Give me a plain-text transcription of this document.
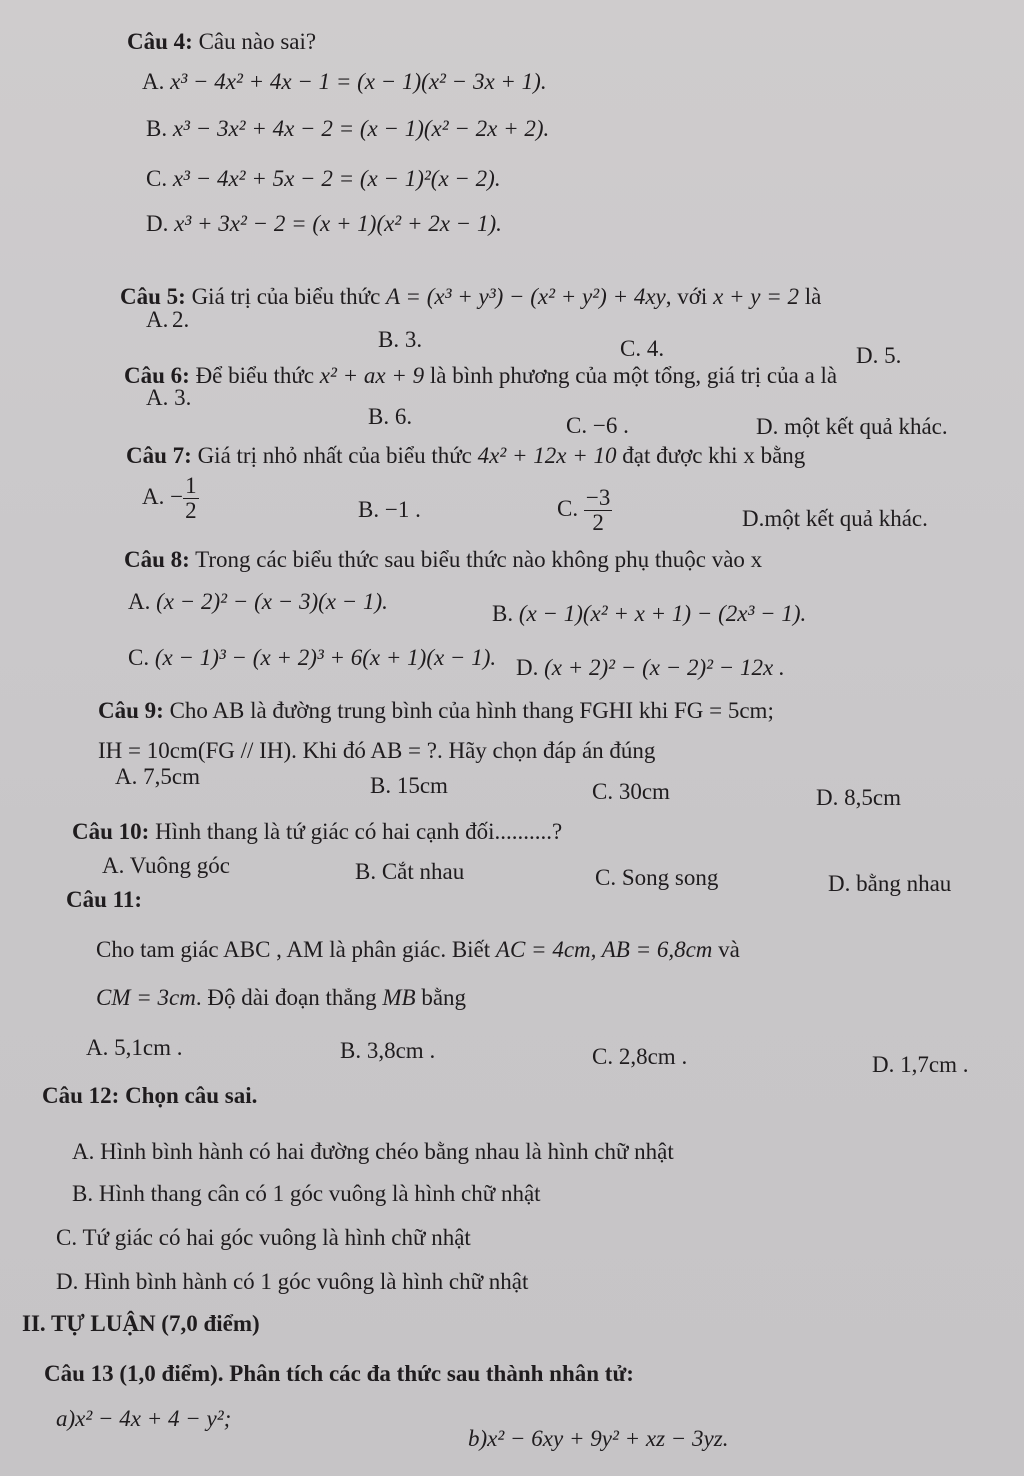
Câu 4: Câu nào sai?
A. x³ − 4x² + 4x − 1 = (x − 1)(x² − 3x + 1).
B. x³ − 3x² + 4x − 2 = (x − 1)(x² − 2x + 2).
C. x³ − 4x² + 5x − 2 = (x − 1)²(x − 2).
D. x³ + 3x² − 2 = (x + 1)(x² + 2x − 1).
Câu 5: Giá trị của biểu thức A = (x³ + y³) − (x² + y²) + 4xy, với x + y = 2 là
A. 2.
B. 3.	C. 4.	D. 5.
Câu 6: Để biểu thức x² + ax + 9 là bình phương của một tổng, giá trị của a là
A. 3.
B. 6.	C. −6 .	D. một kết quả khác.
Câu 7: Giá trị nhỏ nhất của biểu thức 4x² + 12x + 10 đạt được khi x bằng
A. − $\frac{1}{2}$	B. −1 .	C. $\frac{-3}{2}$	D.một kết quả khác.
Câu 8: Trong các biểu thức sau biểu thức nào không phụ thuộc vào x
A. (x − 2)² − (x − 3)(x − 1).	B. (x − 1)(x² + x + 1) − (2x³ − 1).
C. (x − 1)³ − (x + 2)³ + 6(x + 1)(x − 1). D. (x + 2)² − (x − 2)² − 12x .
Câu 9: Cho AB là đường trung bình của hình thang FGHI khi FG = 5cm;
IH = 10cm(FG // IH). Khi đó AB = ?. Hãy chọn đáp án đúng
A. 7,5cm	B. 15cm	C. 30cm	D. 8,5cm
Câu 10: Hình thang là tứ giác có hai cạnh đối..........?
A. Vuông góc	B. Cắt nhau	C. Song song	D. bằng nhau
Câu 11:
Cho tam giác ABC , AM là phân giác. Biết AC = 4cm, AB = 6,8cm và
CM = 3cm. Độ dài đoạn thẳng MB bằng
A. 5,1cm .	B. 3,8cm .	C. 2,8cm .	D. 1,7cm .
Câu 12: Chọn câu sai.
A. Hình bình hành có hai đường chéo bằng nhau là hình chữ nhật
B. Hình thang cân có 1 góc vuông là hình chữ nhật
C. Tứ giác có hai góc vuông là hình chữ nhật
D. Hình bình hành có 1 góc vuông là hình chữ nhật
II. TỰ LUẬN (7,0 điểm)
Câu 13 (1,0 điểm). Phân tích các đa thức sau thành nhân tử:
a)x² − 4x + 4 − y²;
b)x² − 6xy + 9y² + xz − 3yz.
